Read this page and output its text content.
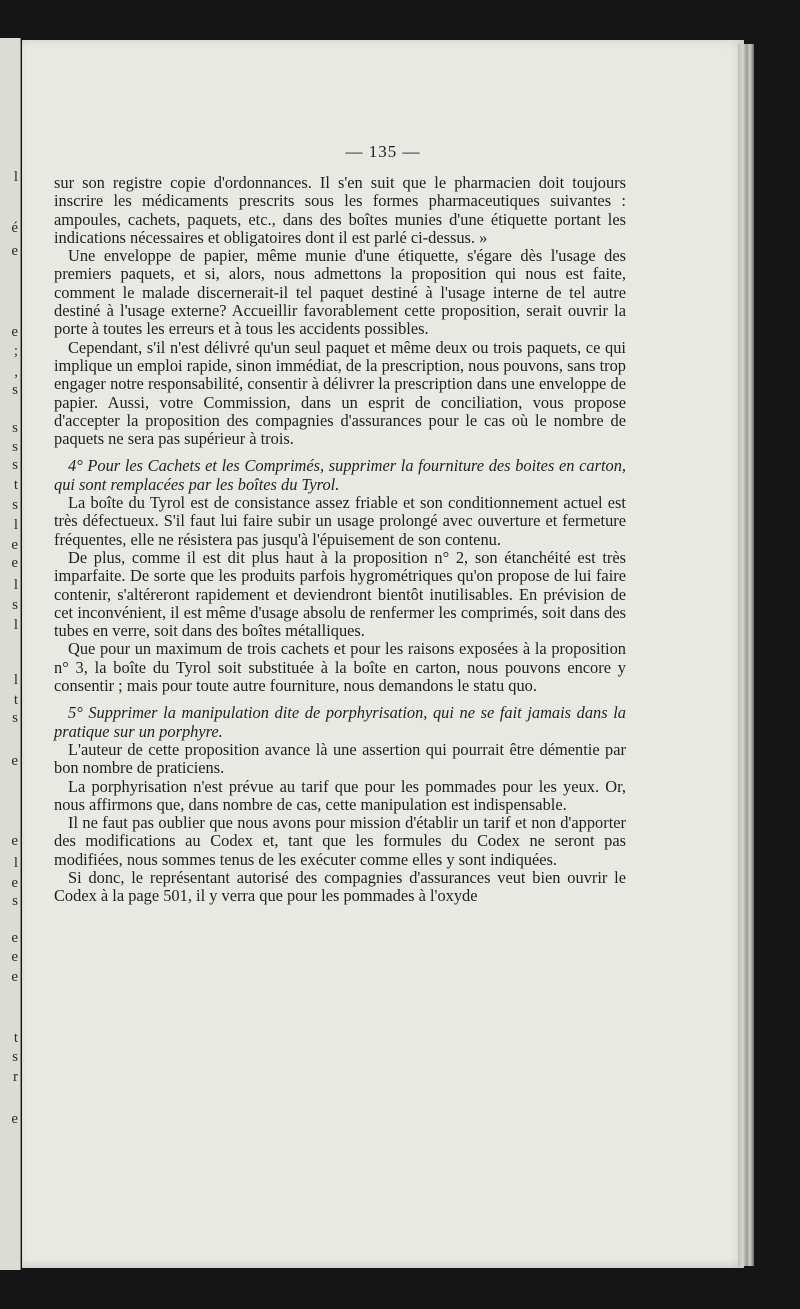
l
é
e
e
;
,
s
s
s
s
t
s
l
e
e
l
s
l
l
t
s
e
e
l
e
s
e
e
e
t
s
r
e
— 135 —

sur son registre copie d'ordonnances. Il s'en suit que le pharmacien doit toujours inscrire les médicaments prescrits sous les formes pharmaceutiques suivantes : ampoules, cachets, paquets, etc., dans des boîtes munies d'une étiquette portant les indications nécessaires et obligatoires dont il est parlé ci-dessus. »

Une enveloppe de papier, même munie d'une étiquette, s'égare dès l'usage des premiers paquets, et si, alors, nous admettons la proposition qui nous est faite, comment le malade discernerait-il tel paquet destiné à l'usage interne de tel autre destiné à l'usage externe? Accueillir favorablement cette proposition, serait ouvrir la porte à toutes les erreurs et à tous les accidents possibles.

Cependant, s'il n'est délivré qu'un seul paquet et même deux ou trois paquets, ce qui implique un emploi rapide, sinon immédiat, de la prescription, nous pouvons, sans trop engager notre responsabilité, consentir à délivrer la prescription dans une enveloppe de papier. Aussi, votre Commission, dans un esprit de conciliation, vous propose d'accepter la proposition des compagnies d'assurances pour le cas où le nombre de paquets ne sera pas supérieur à trois.

4° Pour les Cachets et les Comprimés, supprimer la fourniture des boites en carton, qui sont remplacées par les boîtes du Tyrol.

La boîte du Tyrol est de consistance assez friable et son conditionnement actuel est très défectueux. S'il faut lui faire subir un usage prolongé avec ouverture et fermeture fréquentes, elle ne résistera pas jusqu'à l'épuisement de son contenu.

De plus, comme il est dit plus haut à la proposition n° 2, son étanchéité est très imparfaite. De sorte que les produits parfois hygrométriques qu'on propose de lui faire contenir, s'altéreront rapidement et deviendront bientôt inutilisables. En prévision de cet inconvénient, il est même d'usage absolu de renfermer les comprimés, soit dans des tubes en verre, soit dans des boîtes métalliques.

Que pour un maximum de trois cachets et pour les raisons exposées à la proposition n° 3, la boîte du Tyrol soit substituée à la boîte en carton, nous pouvons encore y consentir ; mais pour toute autre fourniture, nous demandons le statu quo.

5° Supprimer la manipulation dite de porphyrisation, qui ne se fait jamais dans la pratique sur un porphyre.

L'auteur de cette proposition avance là une assertion qui pourrait être démentie par bon nombre de praticiens.

La porphyrisation n'est prévue au tarif que pour les pommades pour les yeux. Or, nous affirmons que, dans nombre de cas, cette manipulation est indispensable.

Il ne faut pas oublier que nous avons pour mission d'établir un tarif et non d'apporter des modifications au Codex et, tant que les formules du Codex ne seront pas modifiées, nous sommes tenus de les exécuter comme elles y sont indiquées.

Si donc, le représentant autorisé des compagnies d'assurances veut bien ouvrir le Codex à la page 501, il y verra que pour les pommades à l'oxyde
